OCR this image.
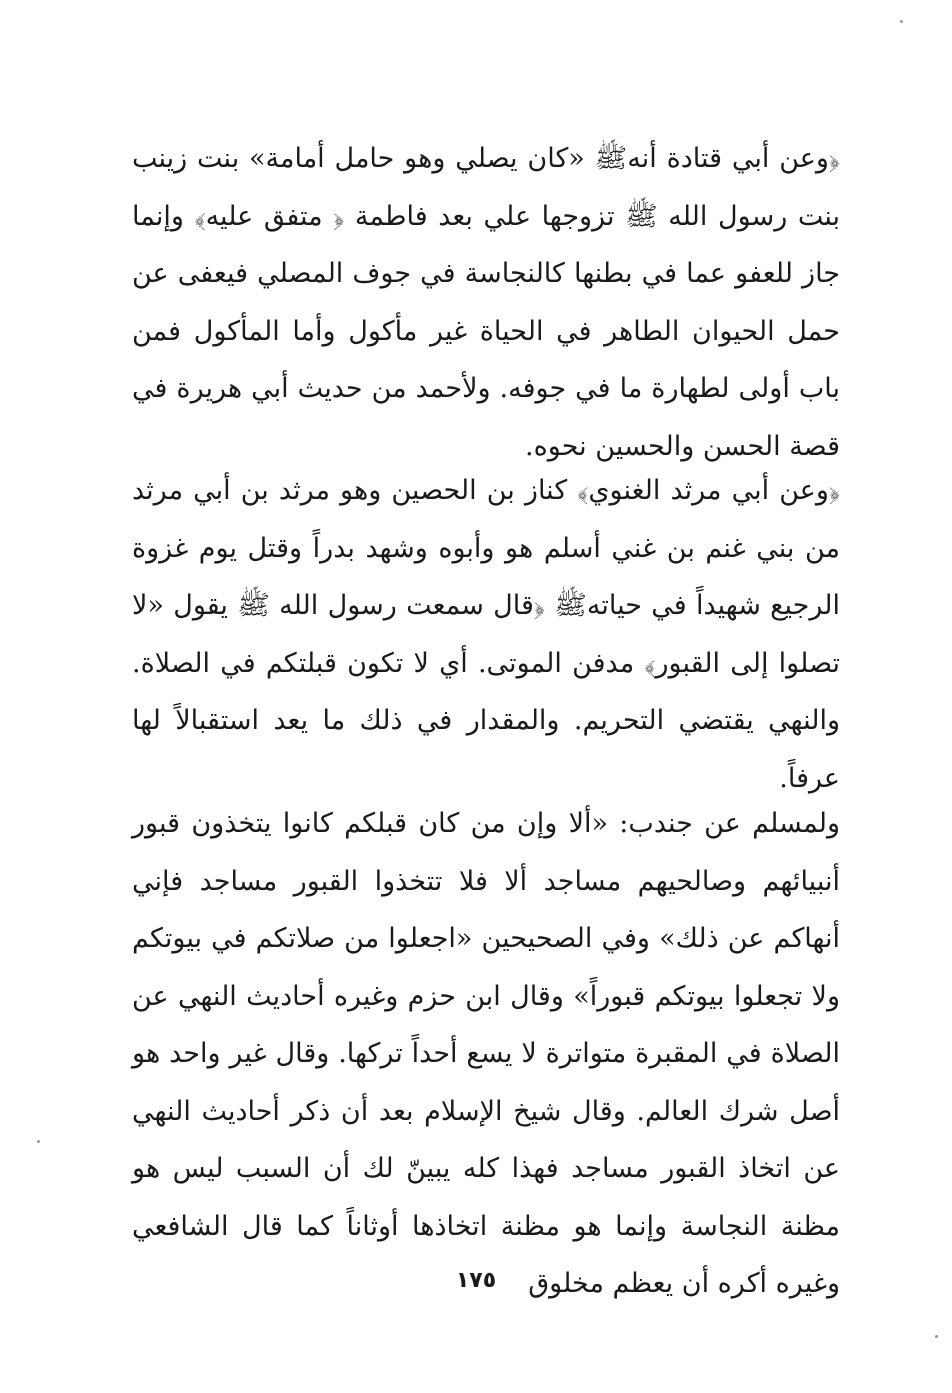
﴿وعن أبي قتادة أنهﷺ «كان يصلي وهو حامل أمامة» بنت زينب بنت رسول الله ﷺ تزوجها علي بعد فاطمة ﴿ متفق عليه﴾ وإنما جاز للعفو عما في بطنها كالنجاسة في جوف المصلي فيعفى عن حمل الحيوان الطاهر في الحياة غير مأكول وأما المأكول فمن باب أولى لطهارة ما في جوفه. ولأحمد من حديث أبي هريرة في قصة الحسن والحسين نحوه.

﴿وعن أبي مرثد الغنوي﴾ كناز بن الحصين وهو مرثد بن أبي مرثد من بني غنم بن غني أسلم هو وأبوه وشهد بدراً وقتل يوم غزوة الرجيع شهيداً في حياتهﷺ ﴿قال سمعت رسول الله ﷺ يقول «لا تصلوا إلى القبور﴾ مدفن الموتى. أي لا تكون قبلتكم في الصلاة. والنهي يقتضي التحريم. والمقدار في ذلك ما يعد استقبالاً لها عرفاً.

ولمسلم عن جندب: «ألا وإن من كان قبلكم كانوا يتخذون قبور أنبيائهم وصالحيهم مساجد ألا فلا تتخذوا القبور مساجد فإني أنهاكم عن ذلك» وفي الصحيحين «اجعلوا من صلاتكم في بيوتكم ولا تجعلوا بيوتكم قبوراً» وقال ابن حزم وغيره أحاديث النهي عن الصلاة في المقبرة متواترة لا يسع أحداً تركها. وقال غير واحد هو أصل شرك العالم. وقال شيخ الإسلام بعد أن ذكر أحاديث النهي عن اتخاذ القبور مساجد فهذا كله يبينّ لك أن السبب ليس هو مظنة النجاسة وإنما هو مظنة اتخاذها أوثاناً كما قال الشافعي وغيره أكره أن يعظم مخلوق

١٧٥
